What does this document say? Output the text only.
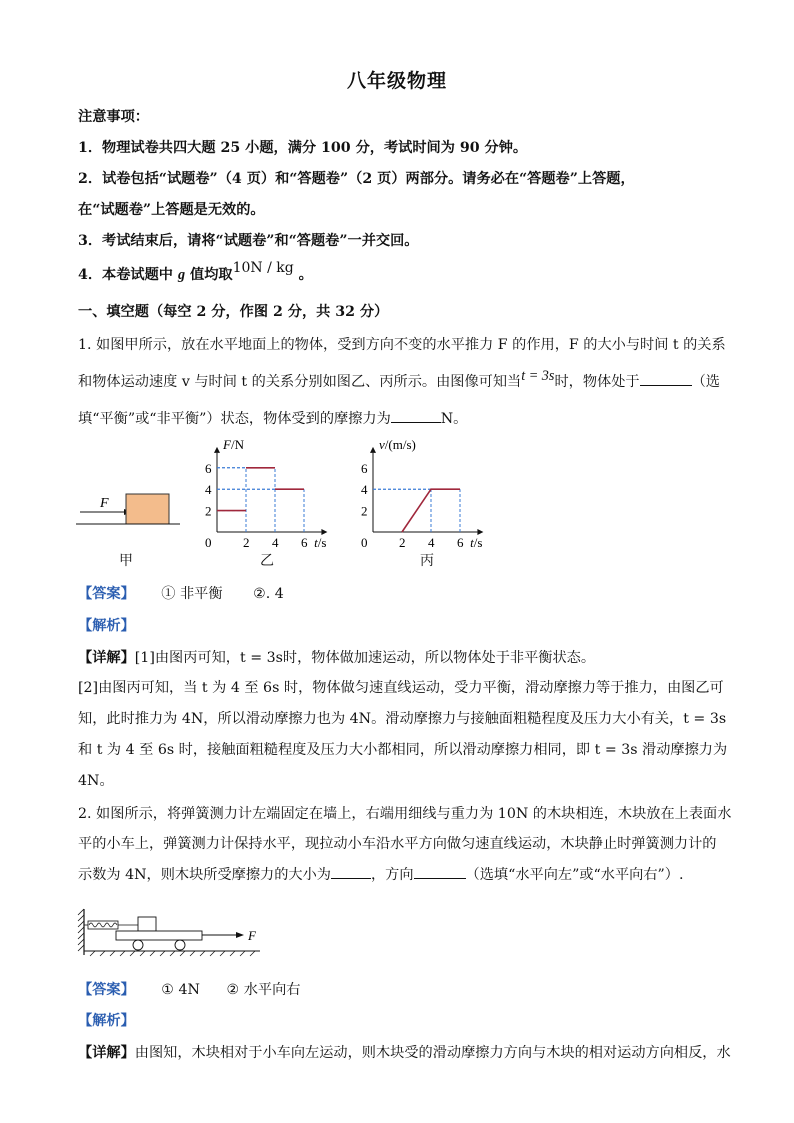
八年级物理
注意事项：
1．物理试卷共四大题 25 小题，满分 100 分，考试时间为 90 分钟。
2．试卷包括“试题卷”（4 页）和“答题卷”（2 页）两部分。请务必在“答题卷”上答题，
在“试题卷”上答题是无效的。
3．考试结束后，请将“试题卷”和“答题卷”一并交回。
4．本卷试题中 g 值均取10N / kg 。
一、填空题（每空 2 分，作图 2 分，共 32 分）
1. 如图甲所示，放在水平地面上的物体，受到方向不变的水平推力 F 的作用，F 的大小与时间 t 的关系
和物体运动速度 v 与时间 t 的关系分别如图乙、丙所示。由图像可知当t = 3s时，物体处于	（选
填“平衡”或“非平衡”）状态，物体受到的摩擦力为	N。
F
甲
2 4 6
2
4
6
0	t/s
F/N
乙
2 4 6
2
4
6
0	t/s
v/(m/s)
丙
【答案】 ① 非平衡 ②. 4
【解析】
【详解】[1]由图丙可知，t = 3s时，物体做加速运动，所以物体处于非平衡状态。
[2]由图丙可知，当 t 为 4 至 6s 时，物体做匀速直线运动，受力平衡，滑动摩擦力等于推力，由图乙可
知，此时推力为 4N，所以滑动摩擦力也为 4N。滑动摩擦力与接触面粗糙程度及压力大小有关，t = 3s
和 t 为 4 至 6s 时，接触面粗糙程度及压力大小都相同，所以滑动摩擦力相同，即 t = 3s 滑动摩擦力为
4N。
2. 如图所示，将弹簧测力计左端固定在墙上，右端用细线与重力为 10N 的木块相连，木块放在上表面水
平的小车上，弹簧测力计保持水平，现拉动小车沿水平方向做匀速直线运动，木块静止时弹簧测力计的
示数为 4N，则木块所受摩擦力的大小为	，方向	（选填“水平向左”或“水平向右”）.
F
【答案】 ① 4N ② 水平向右
【解析】
【详解】由图知，木块相对于小车向左运动，则木块受的滑动摩擦力方向与木块的相对运动方向相反，水
